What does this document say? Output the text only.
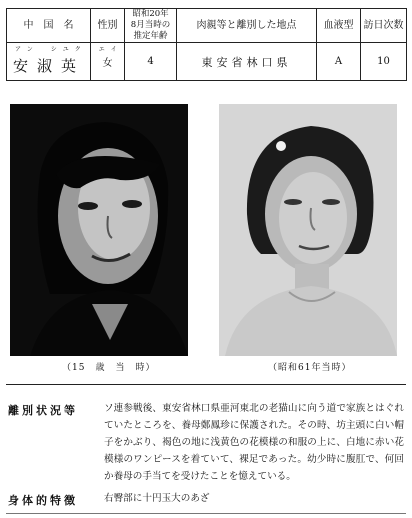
中　国　名	性別	昭和20年
8月当時の
推定年齢	肉親等と離別した地点	血液型	訪日次数

アン　シユク　エイ
安淑英	女	4	東安省林口県	A	10
（15　歳　当　時）	（昭和61年当時）
離別状況等	ソ連参戦後、東安省林口県亜河東北の老猫山に向う道で家族とはぐれていたところを、養母鄭鳳珍に保護された。その時、坊主頭に白い帽子をかぶり、褐色の地に浅黄色の花模様の和服の上に、白地に赤い花模様のワンピースを着ていて、裸足であった。幼少時に腹肛で、何回か養母の手当てを受けたことを憶えている。
身体的特徴	右臀部に十円玉大のあざ
